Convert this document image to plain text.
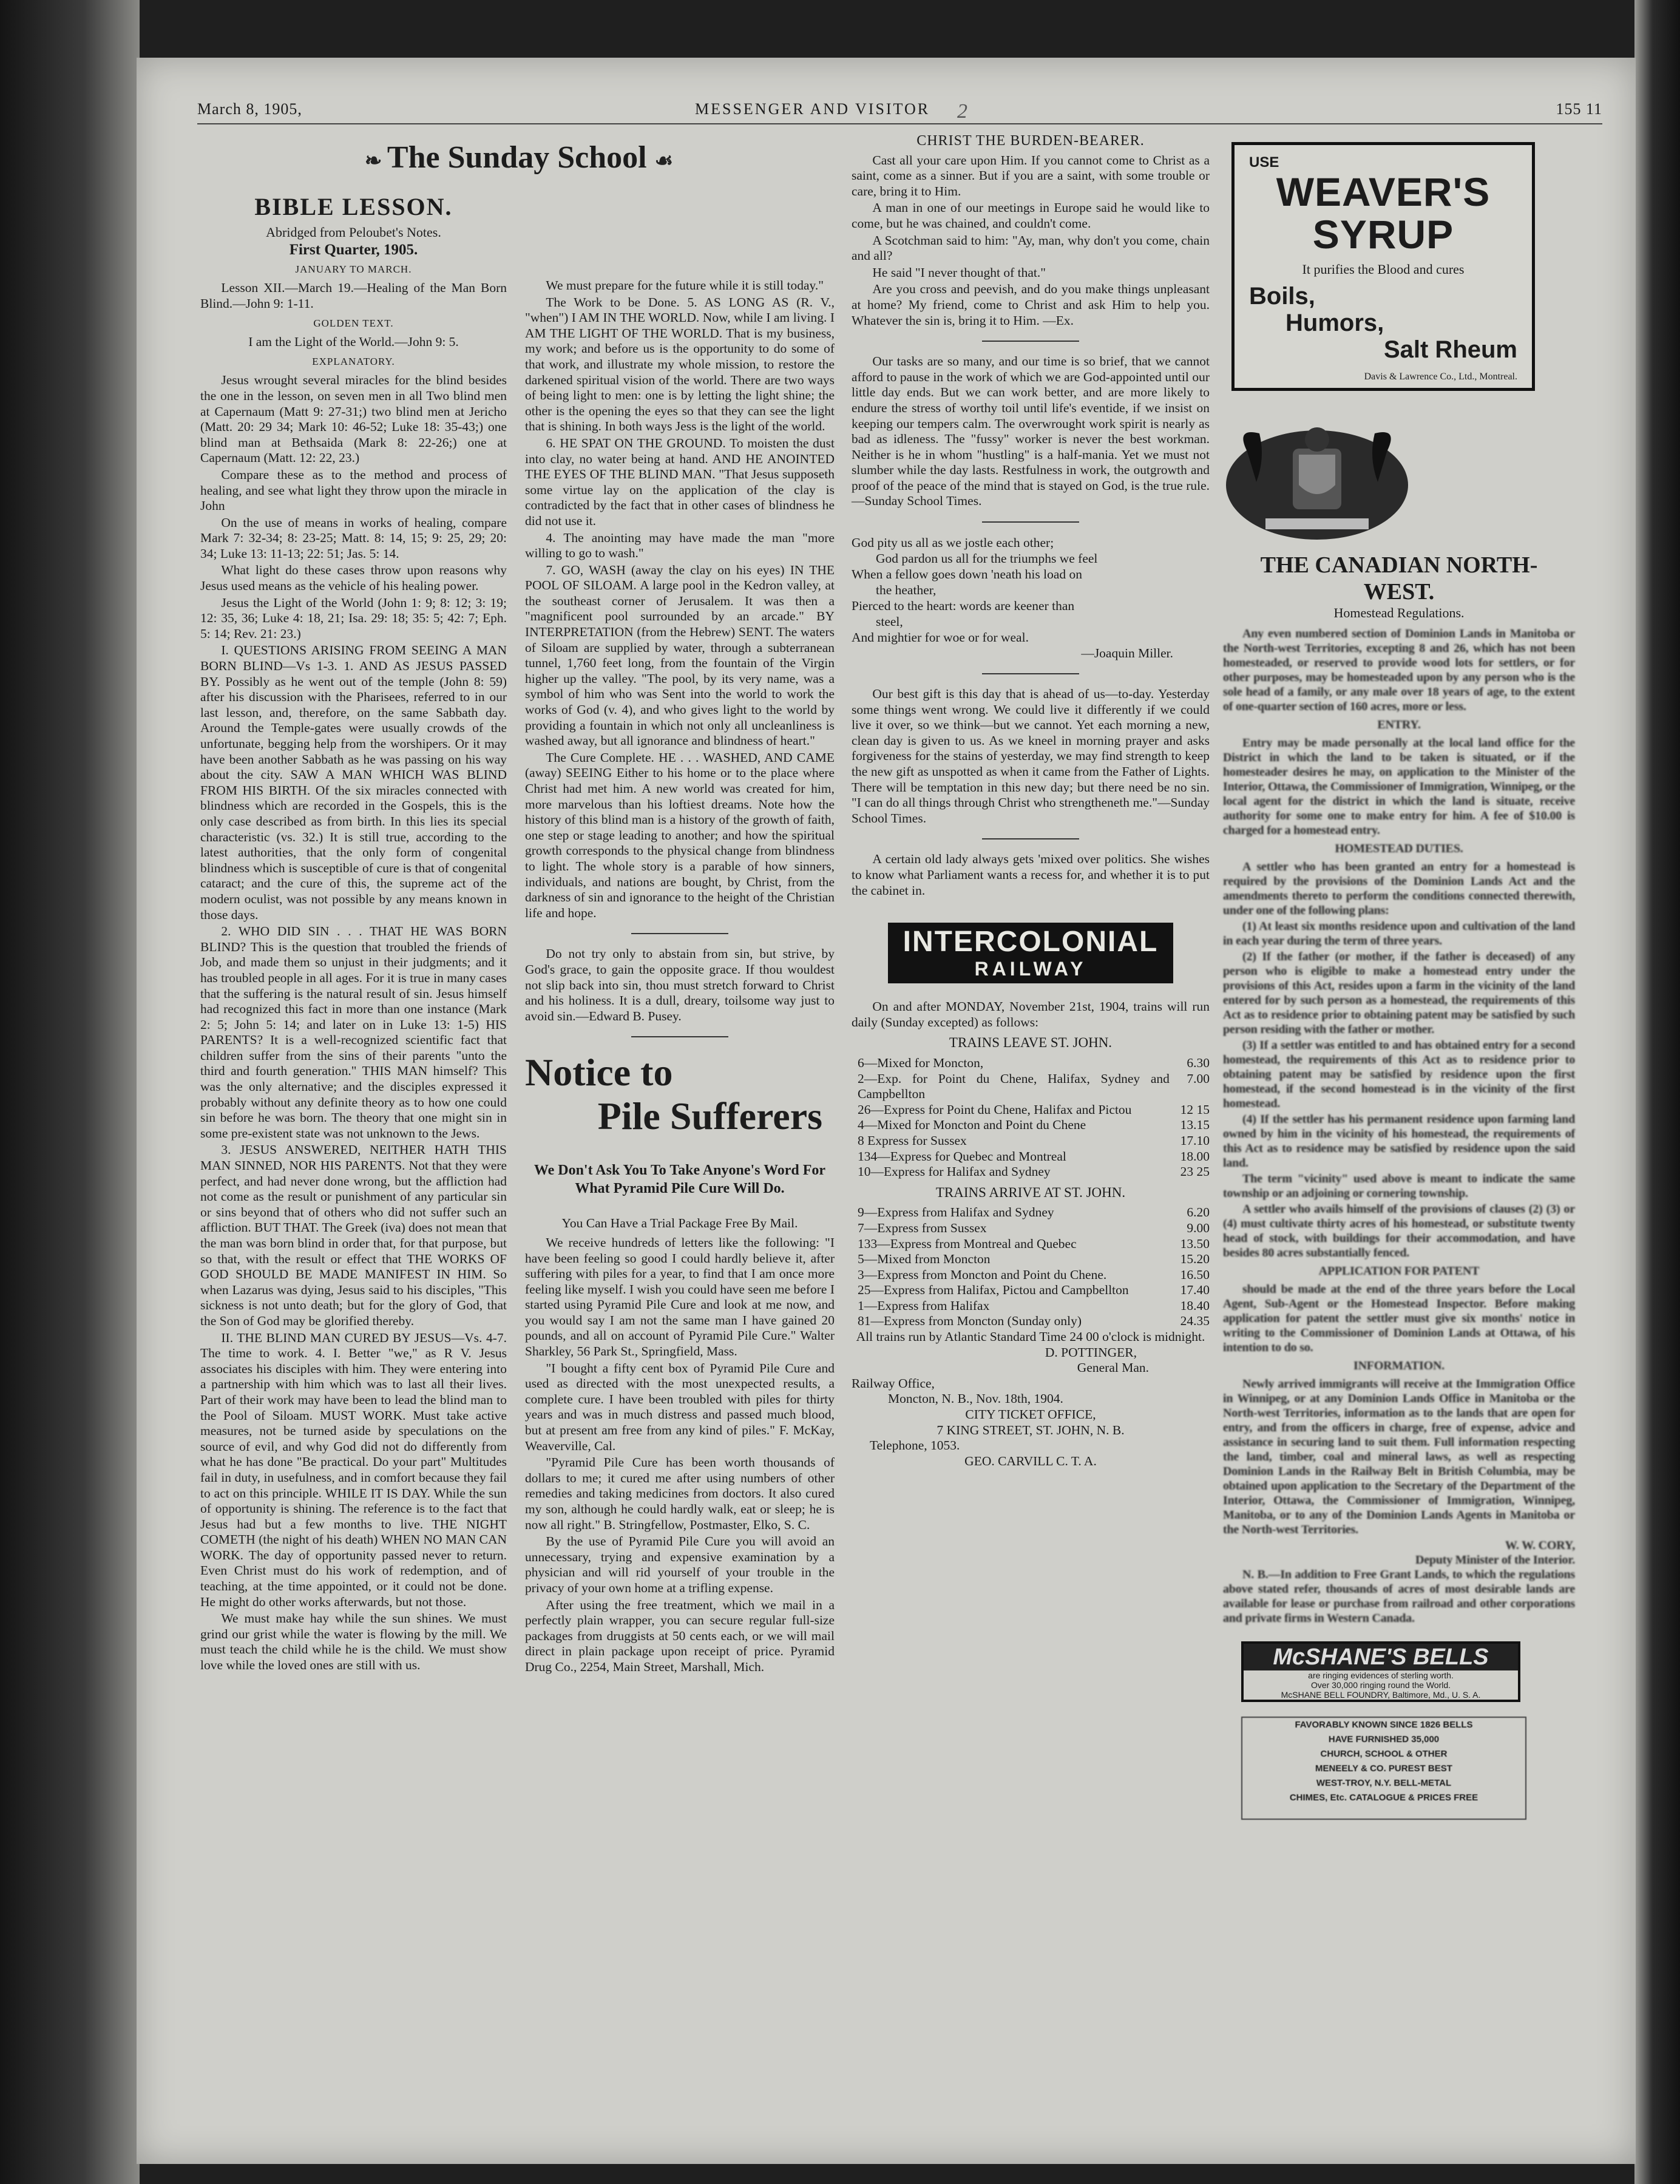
March 8, 1905,	MESSENGER AND VISITOR	155 11
2
❧ The Sunday School ☙
BIBLE LESSON.
Abridged from Peloubet's Notes.
First Quarter, 1905.
JANUARY TO MARCH.

Lesson XII.—March 19.—Healing of the Man Born Blind.—John 9: 1-11.

GOLDEN TEXT.
I am the Light of the World.—John 9: 5.
EXPLANATORY.

Jesus wrought several miracles for the blind besides the one in the lesson, on seven men in all Two blind men at Capernaum (Matt 9: 27-31;) two blind men at Jericho (Matt. 20: 29 34; Mark 10: 46-52; Luke 18: 35-43;) one blind man at Bethsaida (Mark 8: 22-26;) one at Capernaum (Matt. 12: 22, 23.)

Compare these as to the method and process of healing, and see what light they throw upon the miracle in John

On the use of means in works of healing, compare Mark 7: 32-34; 8: 23-25; Matt. 8: 14, 15; 9: 25, 29; 20: 34; Luke 13: 11-13; 22: 51; Jas. 5: 14.

What light do these cases throw upon reasons why Jesus used means as the vehicle of his healing power.

Jesus the Light of the World (John 1: 9; 8: 12; 3: 19; 12: 35, 36; Luke 4: 18, 21; Isa. 29: 18; 35: 5; 42: 7; Eph. 5: 14; Rev. 21: 23.)

I. QUESTIONS ARISING FROM SEEING A MAN BORN BLIND—Vs 1-3. 1. AND AS JESUS PASSED BY. Possibly as he went out of the temple (John 8: 59) after his discussion with the Pharisees, referred to in our last lesson, and, therefore, on the same Sabbath day. Around the Temple-gates were usually crowds of the unfortunate, begging help from the worshipers. Or it may have been another Sabbath as he was passing on his way about the city. SAW A MAN WHICH WAS BLIND FROM HIS BIRTH. Of the six miracles connected with blindness which are recorded in the Gospels, this is the only case described as from birth. In this lies its special characteristic (vs. 32.) It is still true, according to the latest authorities, that the only form of congenital blindness which is susceptible of cure is that of congenital cataract; and the cure of this, the supreme act of the modern oculist, was not possible by any means known in those days.

2. WHO DID SIN . . . THAT HE WAS BORN BLIND? This is the question that troubled the friends of Job, and made them so unjust in their judgments; and it has troubled people in all ages. For it is true in many cases that the suffering is the natural result of sin. Jesus himself had recognized this fact in more than one instance (Mark 2: 5; John 5: 14; and later on in Luke 13: 1-5) HIS PARENTS? It is a well-recognized scientific fact that children suffer from the sins of their parents "unto the third and fourth generation." THIS MAN himself? This was the only alternative; and the disciples expressed it probably without any definite theory as to how one could sin before he was born. The theory that one might sin in some pre-existent state was not unknown to the Jews.

3. JESUS ANSWERED, NEITHER HATH THIS MAN SINNED, NOR HIS PARENTS. Not that they were perfect, and had never done wrong, but the affliction had not come as the result or punishment of any particular sin or sins beyond that of others who did not suffer such an affliction. BUT THAT. The Greek (iva) does not mean that the man was born blind in order that, for that purpose, but so that, with the result or effect that THE WORKS OF GOD SHOULD BE MADE MANIFEST IN HIM. So when Lazarus was dying, Jesus said to his disciples, "This sickness is not unto death; but for the glory of God, that the Son of God may be glorified thereby.

II. THE BLIND MAN CURED BY JESUS—Vs. 4-7. The time to work. 4. I. Better "we," as R V. Jesus associates his disciples with him. They were entering into a partnership with him which was to last all their lives. Part of their work may have been to lead the blind man to the Pool of Siloam. MUST WORK. Must take active measures, not be turned aside by speculations on the source of evil, and why God did not do differently from what he has done "Be practical. Do your part" Multitudes fail in duty, in usefulness, and in comfort because they fail to act on this principle. WHILE IT IS DAY. While the sun of opportunity is shining. The reference is to the fact that Jesus had but a few months to live. THE NIGHT COMETH (the night of his death) WHEN NO MAN CAN WORK. The day of opportunity passed never to return. Even Christ must do his work of redemption, and of teaching, at the time appointed, or it could not be done. He might do other works afterwards, but not those.

We must make hay while the sun shines. We must grind our grist while the water is flowing by the mill. We must teach the child while he is the child. We must show love while the loved ones are still with us.

We must prepare for the future while it is still today."

The Work to be Done. 5. AS LONG AS (R. V., "when") I AM IN THE WORLD. Now, while I am living. I AM THE LIGHT OF THE WORLD. That is my business, my work; and before us is the opportunity to do some of that work, and illustrate my whole mission, to restore the darkened spiritual vision of the world. There are two ways of being light to men: one is by letting the light shine; the other is the opening the eyes so that they can see the light that is shining. In both ways Jess is the light of the world.

6. HE SPAT ON THE GROUND. To moisten the dust into clay, no water being at hand. AND HE ANOINTED THE EYES OF THE BLIND MAN. "That Jesus supposeth some virtue lay on the application of the clay is contradicted by the fact that in other cases of blindness he did not use it.

4. The anointing may have made the man "more willing to go to wash."

7. GO, WASH (away the clay on his eyes) IN THE POOL OF SILOAM. A large pool in the Kedron valley, at the southeast corner of Jerusalem. It was then a "magnificent pool surrounded by an arcade." BY INTERPRETATION (from the Hebrew) SENT. The waters of Siloam are supplied by water, through a subterranean tunnel, 1,760 feet long, from the fountain of the Virgin higher up the valley. "The pool, by its very name, was a symbol of him who was Sent into the world to work the works of God (v. 4), and who gives light to the world by providing a fountain in which not only all uncleanliness is washed away, but all ignorance and blindness of heart."

The Cure Complete. HE . . . WASHED, AND CAME (away) SEEING Either to his home or to the place where Christ had met him. A new world was created for him, more marvelous than his loftiest dreams. Note how the history of this blind man is a history of the growth of faith, one step or stage leading to another; and how the spiritual growth corresponds to the physical change from blindness to light. The whole story is a parable of how sinners, individuals, and nations are bought, by Christ, from the darkness of sin and ignorance to the height of the Christian life and hope.

Do not try only to abstain from sin, but strive, by God's grace, to gain the opposite grace. If thou wouldest not slip back into sin, thou must stretch forward to Christ and his holiness. It is a dull, dreary, toilsome way just to avoid sin.—Edward B. Pusey.

Notice to
Pile Sufferers
We Don't Ask You To Take Anyone's Word For What Pyramid Pile Cure Will Do.
You Can Have a Trial Package Free By Mail.

We receive hundreds of letters like the following: "I have been feeling so good I could hardly believe it, after suffering with piles for a year, to find that I am once more feeling like myself. I wish you could have seen me before I started using Pyramid Pile Cure and look at me now, and you would say I am not the same man I have gained 20 pounds, and all on account of Pyramid Pile Cure." Walter Sharkley, 56 Park St., Springfield, Mass.

"I bought a fifty cent box of Pyramid Pile Cure and used as directed with the most unexpected results, a complete cure. I have been troubled with piles for thirty years and was in much distress and passed much blood, but at present am free from any kind of piles." F. McKay, Weaverville, Cal.

"Pyramid Pile Cure has been worth thousands of dollars to me; it cured me after using numbers of other remedies and taking medicines from doctors. It also cured my son, although he could hardly walk, eat or sleep; he is now all right." B. Stringfellow, Postmaster, Elko, S. C.

By the use of Pyramid Pile Cure you will avoid an unnecessary, trying and expensive examination by a physician and will rid yourself of your trouble in the privacy of your own home at a trifling expense.

After using the free treatment, which we mail in a perfectly plain wrapper, you can secure regular full-size packages from druggists at 50 cents each, or we will mail direct in plain package upon receipt of price. Pyramid Drug Co., 2254, Main Street, Marshall, Mich.

CHRIST THE BURDEN-BEARER.

Cast all your care upon Him. If you cannot come to Christ as a saint, come as a sinner. But if you are a saint, with some trouble or care, bring it to Him.

A man in one of our meetings in Europe said he would like to come, but he was chained, and couldn't come.

A Scotchman said to him: "Ay, man, why don't you come, chain and all?

He said "I never thought of that."

Are you cross and peevish, and do you make things unpleasant at home? My friend, come to Christ and ask Him to help you. Whatever the sin is, bring it to Him. —Ex.

Our tasks are so many, and our time is so brief, that we cannot afford to pause in the work of which we are God-appointed until our little day ends. But we can work better, and are more likely to endure the stress of worthy toil until life's eventide, if we insist on keeping our tempers calm. The overwrought work spirit is nearly as bad as idleness. The "fussy" worker is never the best workman. Neither is he in whom "hustling" is a half-mania. Yet we must not slumber while the day lasts. Restfulness in work, the outgrowth and proof of the peace of the mind that is stayed on God, is the true rule.—Sunday School Times.

God pity us all as we jostle each other;
God pardon us all for the triumphs we feel
When a fellow goes down 'neath his load on
the heather,
Pierced to the heart: words are keener than
steel,
And mightier for woe or for weal.
—Joaquin Miller.

Our best gift is this day that is ahead of us—to-day. Yesterday some things went wrong. We could live it differently if we could live it over, so we think—but we cannot. Yet each morning a new, clean day is given to us. As we kneel in morning prayer and asks forgiveness for the stains of yesterday, we may find strength to keep the new gift as unspotted as when it came from the Father of Lights. There will be temptation in this new day; but there need be no sin. "I can do all things through Christ who strengtheneth me."—Sunday School Times.

A certain old lady always gets 'mixed over politics. She wishes to know what Parliament wants a recess for, and whether it is to put the cabinet in.

INTERCOLONIAL
RAILWAY

On and after MONDAY, November 21st, 1904, trains will run daily (Sunday excepted) as follows:

TRAINS LEAVE ST. JOHN.
6—Mixed for Moncton,	6.30
2—Exp. for Point du Chene, Halifax, Sydney and Campbellton
7.00
26—Express for Point du Chene, Halifax and Pictou	12 15
4—Mixed for Moncton and Point du Chene	13.15
8 Express for Sussex	17.10
134—Express for Quebec and Montreal	18.00
10—Express for Halifax and Sydney	23 25
TRAINS ARRIVE AT ST. JOHN.
9—Express from Halifax and Sydney	6.20
7—Express from Sussex	9.00
133—Express from Montreal and Quebec	13.50
5—Mixed from Moncton	15.20
3—Express from Moncton and Point du Chene.	16.50
25—Express from Halifax, Pictou and Campbellton	17.40
1—Express from Halifax	18.40
81—Express from Moncton (Sunday only)	24.35
All trains run by Atlantic Standard Time 24 00 o'clock is midnight.
D. POTTINGER,
General Man.
Railway Office,
Moncton, N. B., Nov. 18th, 1904.
CITY TICKET OFFICE,
7 KING STREET, ST. JOHN, N. B.
Telephone, 1053.
GEO. CARVILL C. T. A.
USE
WEAVER'S
SYRUP
It purifies the Blood and cures
Boils,
Humors,
Salt Rheum
Davis & Lawrence Co., Ltd., Montreal.
THE CANADIAN NORTH-
WEST.
Homestead Regulations.

Any even numbered section of Dominion Lands in Manitoba or the North-west Territories, excepting 8 and 26, which has not been homesteaded, or reserved to provide wood lots for settlers, or for other purposes, may be homesteaded upon by any person who is the sole head of a family, or any male over 18 years of age, to the extent of one-quarter section of 160 acres, more or less.

ENTRY.

Entry may be made personally at the local land office for the District in which the land to be taken is situated, or if the homesteader desires he may, on application to the Minister of the Interior, Ottawa, the Commissioner of Immigration, Winnipeg, or the local agent for the district in which the land is situate, receive authority for some one to make entry for him. A fee of $10.00 is charged for a homestead entry.

HOMESTEAD DUTIES.

A settler who has been granted an entry for a homestead is required by the provisions of the Dominion Lands Act and the amendments thereto to perform the conditions connected therewith, under one of the following plans:

(1) At least six months residence upon and cultivation of the land in each year during the term of three years.

(2) If the father (or mother, if the father is deceased) of any person who is eligible to make a homestead entry under the provisions of this Act, resides upon a farm in the vicinity of the land entered for by such person as a homestead, the requirements of this Act as to residence prior to obtaining patent may be satisfied by such person residing with the father or mother.

(3) If a settler was entitled to and has obtained entry for a second homestead, the requirements of this Act as to residence prior to obtaining patent may be satisfied by residence upon the first homestead, if the second homestead is in the vicinity of the first homestead.

(4) If the settler has his permanent residence upon farming land owned by him in the vicinity of his homestead, the requirements of this Act as to residence may be satisfied by residence upon the said land.

The term "vicinity" used above is meant to indicate the same township or an adjoining or cornering township.

A settler who avails himself of the provisions of clauses (2) (3) or (4) must cultivate thirty acres of his homestead, or substitute twenty head of stock, with buildings for their accommodation, and have besides 80 acres substantially fenced.

APPLICATION FOR PATENT

should be made at the end of the three years before the Local Agent, Sub-Agent or the Homestead Inspector. Before making application for patent the settler must give six months' notice in writing to the Commissioner of Dominion Lands at Ottawa, of his intention to do so.

INFORMATION.

Newly arrived immigrants will receive at the Immigration Office in Winnipeg, or at any Dominion Lands Office in Manitoba or the North-west Territories, information as to the lands that are open for entry, and from the officers in charge, free of expense, advice and assistance in securing land to suit them. Full information respecting the land, timber, coal and mineral laws, as well as respecting Dominion Lands in the Railway Belt in British Columbia, may be obtained upon application to the Secretary of the Department of the Interior, Ottawa, the Commissioner of Immigration, Winnipeg, Manitoba, or to any of the Dominion Lands Agents in Manitoba or the North-west Territories.

W. W. CORY,
Deputy Minister of the Interior.

N. B.—In addition to Free Grant Lands, to which the regulations above stated refer, thousands of acres of most desirable lands are available for lease or purchase from railroad and other corporations and private firms in Western Canada.

McSHANE'S BELLS
are ringing evidences of sterling worth.
Over 30,000 ringing round the World.
McSHANE BELL FOUNDRY, Baltimore, Md., U. S. A.
FAVORABLY KNOWN SINCE 1826 BELLS
HAVE FURNISHED 35,000
CHURCH, SCHOOL & OTHER
MENEELY & CO. PUREST BEST
WEST-TROY, N.Y. BELL-METAL
CHIMES, Etc. CATALOGUE & PRICES FREE
